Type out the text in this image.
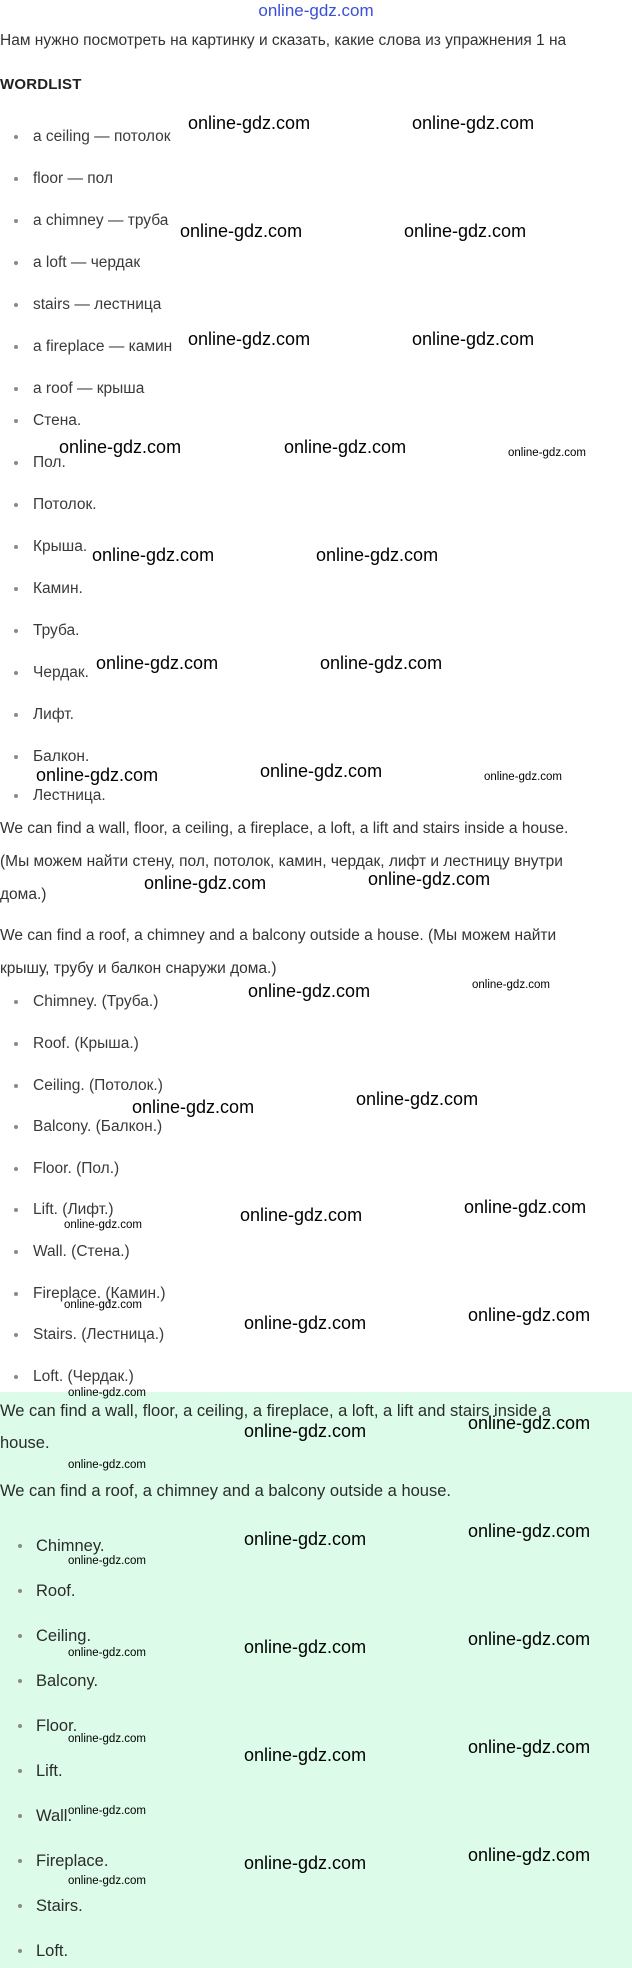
online-gdz.com
Нам нужно посмотреть на картинку и сказать, какие слова из упражнения 1 на
WORDLIST
a ceiling — потолок
floor — пол
a chimney — труба
a loft — чердак
stairs — лестница
a fireplace — камин
a roof — крыша
Стена.
Пол.
Потолок.
Крыша.
Камин.
Труба.
Чердак.
Лифт.
Балкон.
Лестница.
We can find a wall, floor, a ceiling, a fireplace, a loft, a lift and stairs inside a house.
(Мы можем найти стену, пол, потолок, камин, чердак, лифт и лестницу внутри
дома.)
We can find a roof, a chimney and a balcony outside a house. (Мы можем найти
крышу, трубу и балкон снаружи дома.)
Chimney. (Труба.)
Roof. (Крыша.)
Ceiling. (Потолок.)
Balcony. (Балкон.)
Floor. (Пол.)
Lift. (Лифт.)
Wall. (Стена.)
Fireplace. (Камин.)
Stairs. (Лестница.)
Loft. (Чердак.)
We can find a wall, floor, a ceiling, a fireplace, a loft, a lift and stairs inside a
house.
We can find a roof, a chimney and a balcony outside a house.
Chimney.
Roof.
Ceiling.
Balcony.
Floor.
Lift.
Wall.
Fireplace.
Stairs.
Loft.
online-gdz.com	online-gdz.com
online-gdz.com	online-gdz.com
online-gdz.com	online-gdz.com
online-gdz.com	online-gdz.com	online-gdz.com
online-gdz.com	online-gdz.com
online-gdz.com	online-gdz.com
online-gdz.com	online-gdz.com	online-gdz.com
online-gdz.com	online-gdz.com
online-gdz.com	online-gdz.com
online-gdz.com	online-gdz.com
online-gdz.com	online-gdz.com	online-gdz.com
online-gdz.com
online-gdz.com	online-gdz.com
online-gdz.com
online-gdz.com	online-gdz.com
online-gdz.com
online-gdz.com	online-gdz.com
online-gdz.com
online-gdz.com	online-gdz.com
online-gdz.com
online-gdz.com
online-gdz.com	online-gdz.com
online-gdz.com
online-gdz.com	online-gdz.com
online-gdz.com
